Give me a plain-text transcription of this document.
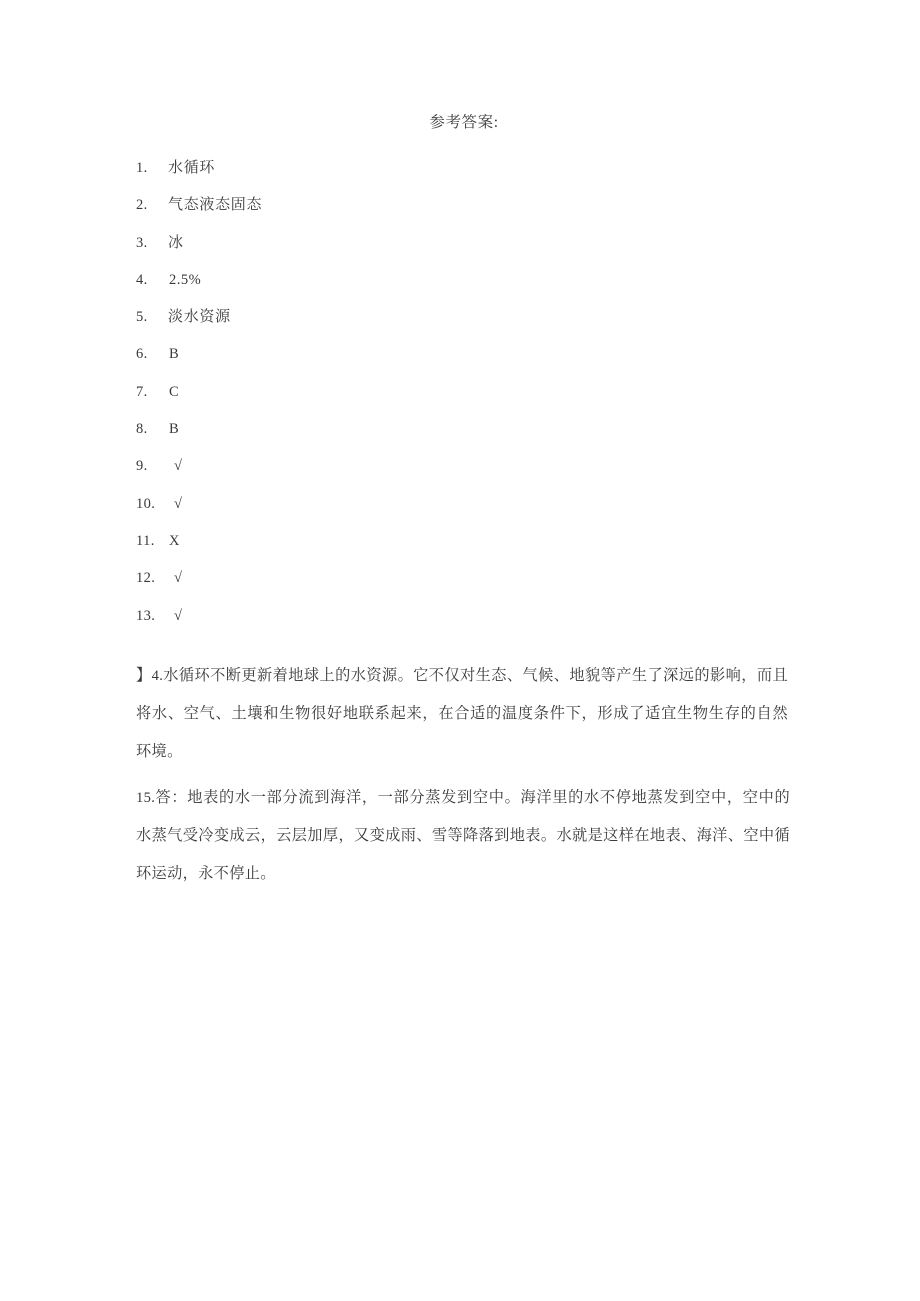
参考答案:
1.	水循环
2.	气态液态固态
3.	冰
4.	2.5%
5.	淡水资源
6.	B
7.	C
8.	B
9.	√
10.	√
11. X
12.	√
13.	√

】4.水循环不断更新着地球上的水资源。它不仅对生态、气候、地貌等产生了深远的影响，而且将水、空气、土壤和生物很好地联系起来，在合适的温度条件下，形成了适宜生物生存的自然环境。

15.答：地表的水一部分流到海洋，一部分蒸发到空中。海洋里的水不停地蒸发到空中，空中的水蒸气受冷变成云，云层加厚，又变成雨、雪等降落到地表。水就是这样在地表、海洋、空中循环运动，永不停止。
